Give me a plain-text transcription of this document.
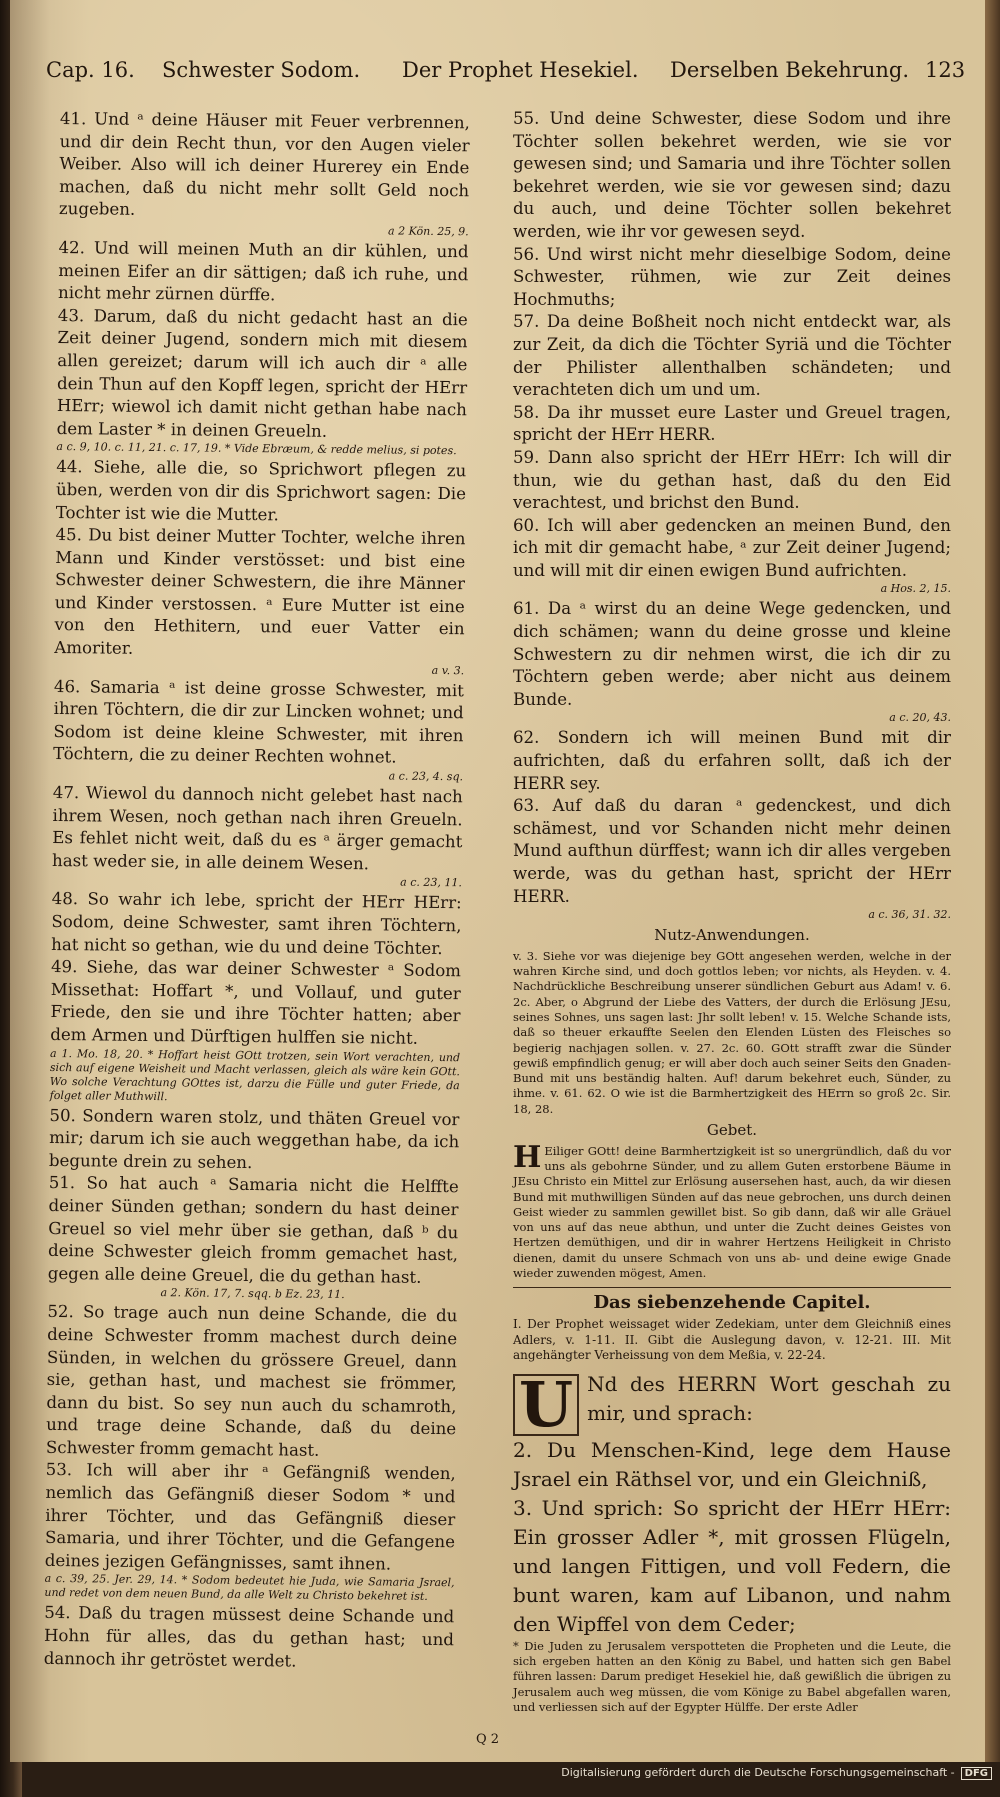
Cap. 16. Schwester Sodom. Der Prophet Hesekiel. Derselben Bekehrung. 123

41. Und ᵃ deine Häuser mit Feuer verbrennen, und dir dein Recht thun, vor den Augen vieler Weiber. Also will ich deiner Hurerey ein Ende machen, daß du nicht mehr sollt Geld noch zugeben.

a 2 Kön. 25, 9.

42. Und will meinen Muth an dir kühlen, und meinen Eifer an dir sättigen; daß ich ruhe, und nicht mehr zürnen dürffe.

43. Darum, daß du nicht gedacht hast an die Zeit deiner Jugend, sondern mich mit diesem allen gereizet; darum will ich auch dir ᵃ alle dein Thun auf den Kopff legen, spricht der HErr HErr; wiewol ich damit nicht gethan habe nach dem Laster * in deinen Greueln.

a c. 9, 10. c. 11, 21. c. 17, 19. * Vide Ebræum, & redde melius, si potes.

44. Siehe, alle die, so Sprichwort pflegen zu üben, werden von dir dis Sprichwort sagen: Die Tochter ist wie die Mutter.

45. Du bist deiner Mutter Tochter, welche ihren Mann und Kinder verstösset: und bist eine Schwester deiner Schwestern, die ihre Männer und Kinder verstossen. ᵃ Eure Mutter ist eine von den Hethitern, und euer Vatter ein Amoriter.

a v. 3.

46. Samaria ᵃ ist deine grosse Schwester, mit ihren Töchtern, die dir zur Lincken wohnet; und Sodom ist deine kleine Schwester, mit ihren Töchtern, die zu deiner Rechten wohnet.

a c. 23, 4. sq.

47. Wiewol du dannoch nicht gelebet hast nach ihrem Wesen, noch gethan nach ihren Greueln. Es fehlet nicht weit, daß du es ᵃ ärger gemacht hast weder sie, in alle deinem Wesen.

a c. 23, 11.

48. So wahr ich lebe, spricht der HErr HErr: Sodom, deine Schwester, samt ihren Töchtern, hat nicht so gethan, wie du und deine Töchter.

49. Siehe, das war deiner Schwester ᵃ Sodom Missethat: Hoffart *, und Vollauf, und guter Friede, den sie und ihre Töchter hatten; aber dem Armen und Dürftigen hulffen sie nicht.

a 1. Mo. 18, 20. * Hoffart heist GOtt trotzen, sein Wort verachten, und sich auf eigene Weisheit und Macht verlassen, gleich als wäre kein GOtt. Wo solche Verachtung GOttes ist, darzu die Fülle und guter Friede, da folget aller Muthwill.

50. Sondern waren stolz, und thäten Greuel vor mir; darum ich sie auch weggethan habe, da ich begunte drein zu sehen.

51. So hat auch ᵃ Samaria nicht die Helffte deiner Sünden gethan; sondern du hast deiner Greuel so viel mehr über sie gethan, daß ᵇ du deine Schwester gleich fromm gemachet hast, gegen alle deine Greuel, die du gethan hast.

a 2. Kön. 17, 7. sqq. b Ez. 23, 11.

52. So trage auch nun deine Schande, die du deine Schwester fromm machest durch deine Sünden, in welchen du grössere Greuel, dann sie, gethan hast, und machest sie frömmer, dann du bist. So sey nun auch du schamroth, und trage deine Schande, daß du deine Schwester fromm gemacht hast.

53. Ich will aber ihr ᵃ Gefängniß wenden, nemlich das Gefängniß dieser Sodom * und ihrer Töchter, und das Gefängniß dieser Samaria, und ihrer Töchter, und die Gefangene deines jezigen Gefängnisses, samt ihnen.

a c. 39, 25. Jer. 29, 14. * Sodom bedeutet hie Juda, wie Samaria Jsrael, und redet von dem neuen Bund, da alle Welt zu Christo bekehret ist.

54. Daß du tragen müssest deine Schande und Hohn für alles, das du gethan hast; und dannoch ihr getröstet werdet.

55. Und deine Schwester, diese Sodom und ihre Töchter sollen bekehret werden, wie sie vor gewesen sind; und Samaria und ihre Töchter sollen bekehret werden, wie sie vor gewesen sind; dazu du auch, und deine Töchter sollen bekehret werden, wie ihr vor gewesen seyd.

56. Und wirst nicht mehr dieselbige Sodom, deine Schwester, rühmen, wie zur Zeit deines Hochmuths;

57. Da deine Boßheit noch nicht entdeckt war, als zur Zeit, da dich die Töchter Syriä und die Töchter der Philister allenthalben schändeten; und verachteten dich um und um.

58. Da ihr musset eure Laster und Greuel tragen, spricht der HErr HERR.

59. Dann also spricht der HErr HErr: Ich will dir thun, wie du gethan hast, daß du den Eid verachtest, und brichst den Bund.

60. Ich will aber gedencken an meinen Bund, den ich mit dir gemacht habe, ᵃ zur Zeit deiner Jugend; und will mit dir einen ewigen Bund aufrichten.

a Hos. 2, 15.

61. Da ᵃ wirst du an deine Wege gedencken, und dich schämen; wann du deine grosse und kleine Schwestern zu dir nehmen wirst, die ich dir zu Töchtern geben werde; aber nicht aus deinem Bunde.

a c. 20, 43.

62. Sondern ich will meinen Bund mit dir aufrichten, daß du erfahren sollt, daß ich der HERR sey.

63. Auf daß du daran ᵃ gedenckest, und dich schämest, und vor Schanden nicht mehr deinen Mund aufthun dürffest; wann ich dir alles vergeben werde, was du gethan hast, spricht der HErr HERR.

a c. 36, 31. 32.

Nutz-Anwendungen.

v. 3. Siehe vor was diejenige bey GOtt angesehen werden, welche in der wahren Kirche sind, und doch gottlos leben; vor nichts, als Heyden. v. 4. Nachdrückliche Beschreibung unserer sündlichen Geburt aus Adam! v. 6. 2c. Aber, o Abgrund der Liebe des Vatters, der durch die Erlösung JEsu, seines Sohnes, uns sagen last: Jhr sollt leben! v. 15. Welche Schande ists, daß so theuer erkauffte Seelen den Elenden Lüsten des Fleisches so begierig nachjagen sollen. v. 27. 2c. 60. GOtt strafft zwar die Sünder gewiß empfindlich genug; er will aber doch auch seiner Seits den Gnaden-Bund mit uns beständig halten. Auf! darum bekehret euch, Sünder, zu ihme. v. 61. 62. O wie ist die Barmhertzigkeit des HErrn so groß 2c. Sir. 18, 28.

Gebet.

H Eiliger GOtt! deine Barmhertzigkeit ist so unergründlich, daß du vor uns als gebohrne Sünder, und zu allem Guten erstorbene Bäume in JEsu Christo ein Mittel zur Erlösung ausersehen hast, auch, da wir diesen Bund mit muthwilligen Sünden auf das neue gebrochen, uns durch deinen Geist wieder zu sammlen gewillet bist. So gib dann, daß wir alle Gräuel von uns auf das neue abthun, und unter die Zucht deines Geistes von Hertzen demüthigen, und dir in wahrer Hertzens Heiligkeit in Christo dienen, damit du unsere Schmach von uns ab- und deine ewige Gnade wieder zuwenden mögest, Amen.

Das siebenzehende Capitel.

I. Der Prophet weissaget wider Zedekiam, unter dem Gleichniß eines Adlers, v. 1-11. II. Gibt die Auslegung davon, v. 12-21. III. Mit angehängter Verheissung von dem Meßia, v. 22-24.

U Nd des HERRN Wort geschah zu mir, und sprach:

2. Du Menschen-Kind, lege dem Hause Jsrael ein Räthsel vor, und ein Gleichniß,

3. Und sprich: So spricht der HErr HErr: Ein grosser Adler *, mit grossen Flügeln, und langen Fittigen, und voll Federn, die bunt waren, kam auf Libanon, und nahm den Wipffel von dem Ceder;

* Die Juden zu Jerusalem verspotteten die Propheten und die Leute, die sich ergeben hatten an den König zu Babel, und hatten sich gen Babel führen lassen: Darum prediget Hesekiel hie, daß gewißlich die übrigen zu Jerusalem auch weg müssen, die vom Könige zu Babel abgefallen waren, und verliessen sich auf der Egypter Hülffe. Der erste Adler

Q 2
Digitalisierung gefördert durch die Deutsche Forschungsgemeinschaft - DFG
